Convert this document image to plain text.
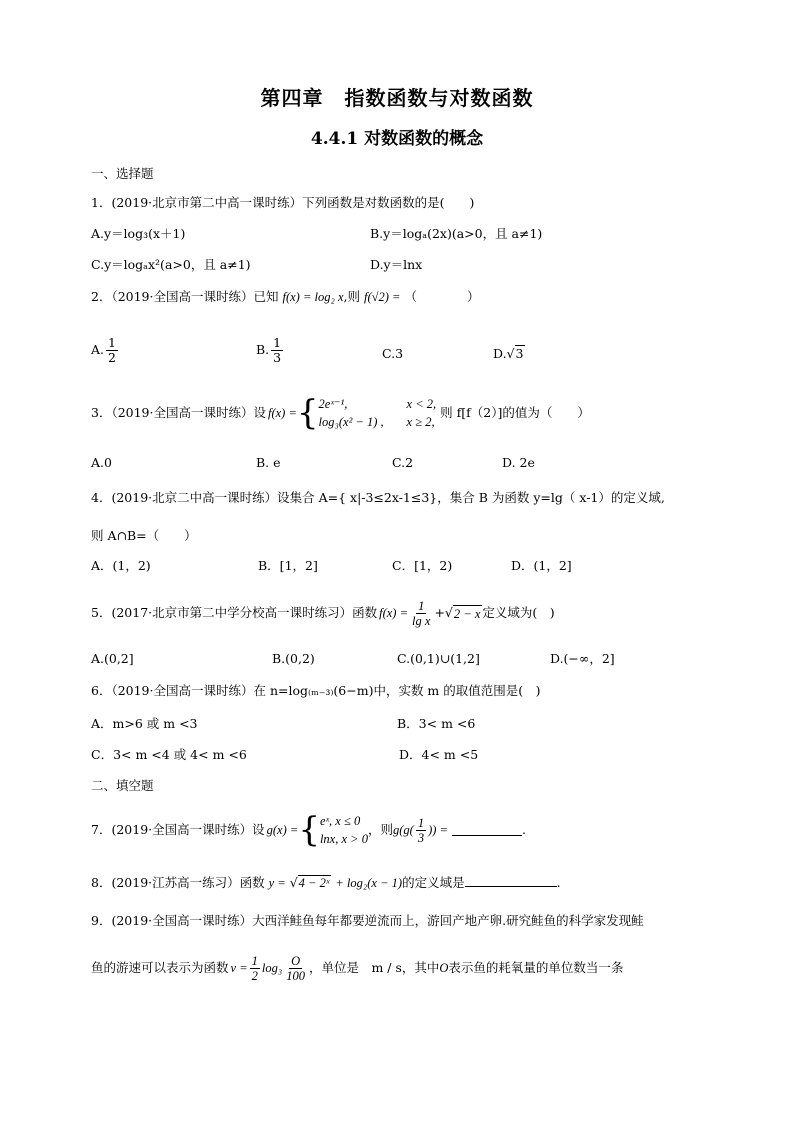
第四章　指数函数与对数函数
4.4.1 对数函数的概念
一、选择题
1．(2019·北京市第二中高一课时练）下列函数是对数函数的是(　　)
A.y＝log₃(x＋1)	B.y＝logₐ(2x)(a>0，且 a≠1)
C.y＝logₐx²(a>0，且 a≠1)	D.y＝lnx
2．（2019·全国高一课时练）已知 f(x) = log₂ x,则 f(√2) = （　　　　）
A. $\frac{1}{2}$	B. $\frac{1}{3}$	C.3	D.√3
3．（2019·全国高一课时练）设 f(x) = { 2eˣ⁻¹,	x < 2,
log₃(x² − 1) , x ≥ 2,
则 f[f（2）]的值为（　　）
A.0	B. e	C.2	D. 2e
4．(2019·北京二中高一课时练）设集合 A={ x|-3≤2x-1≤3}，集合 B 为函数 y=lg（ x-1）的定义域,
则 A∩B=（　　）
A．(1，2)	B．[1，2]	C．[1，2)	D．(1，2]
5．(2017·北京市第二中学分校高一课时练习）函数 $f(x) = \frac{1}{\text{lg x}}$ + √ 2 − x 定义域为(　)
A.(0,2]	B.(0,2)	C.(0,1)∪(1,2]	D.(−∞，2]
6．（2019·全国高一课时练）在 n=log₍ₘ₋₃₎(6−m)中，实数 m 的取值范围是(　)
A．m>6 或 m <3	B．3< m <6
C．3< m <4 或 4< m <6	D．4< m <5
二、填空题
7．(2019·全国高一课时练）设 g(x) = { eˣ, x ≤ 0
lnx, x > 0
，则 $g(g( \frac{1}{3}$ )) =	.
8．(2019·江苏高一练习）函数 y = √4 − 2ˣ + log₂(x − 1)的定义域是	.
9．(2019·全国高一课时练）大西洋鲑鱼每年都要逆流而上，游回产地产卵.研究鲑鱼的科学家发现鲑
鱼的游速可以表示为函数 $v = \frac{1}{2} \log_3 \frac{O}{100}$ ，单位是　m / s，其中 O 表示鱼的耗氧量的单位数当一条
